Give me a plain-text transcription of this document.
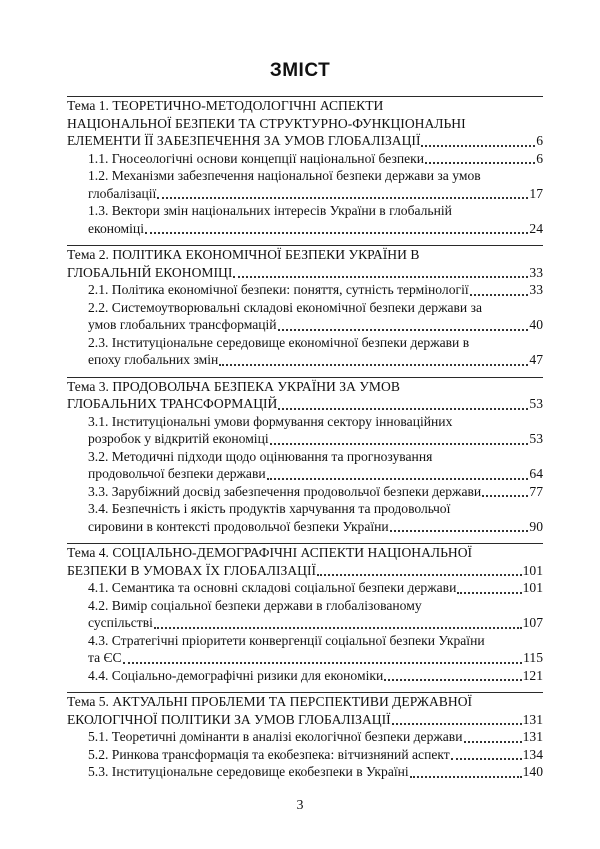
ЗМІСТ
Тема 1. ТЕОРЕТИЧНО-МЕТОДОЛОГІЧНІ АСПЕКТИ
НАЦІОНАЛЬНОЇ БЕЗПЕКИ ТА СТРУКТУРНО-ФУНКЦІОНАЛЬНІ
ЕЛЕМЕНТИ ЇЇ ЗАБЕЗПЕЧЕННЯ ЗА УМОВ ГЛОБАЛІЗАЦІЇ	6
1.1. Гносеологічні основи концепції національної безпеки	6
1.2. Механізми забезпечення національної безпеки держави за умов
глобалізації	17
1.3. Вектори змін національних інтересів України в глобальній
економіці	24
Тема 2. ПОЛІТИКА ЕКОНОМІЧНОЇ БЕЗПЕКИ УКРАЇНИ В
ГЛОБАЛЬНІЙ ЕКОНОМІЦІ	33
2.1. Політика економічної безпеки: поняття, сутність термінології	33
2.2. Системоутворювальні складові економічної безпеки держави за
умов глобальних трансформацій	40
2.3. Інституціональне середовище економічної безпеки держави в
епоху глобальних змін	47
Тема 3. ПРОДОВОЛЬЧА БЕЗПЕКА УКРАЇНИ ЗА УМОВ
ГЛОБАЛЬНИХ ТРАНСФОРМАЦІЙ	53
3.1. Інституціональні умови формування сектору інноваційних
розробок у відкритій економіці	53
3.2. Методичні підходи щодо оцінювання та прогнозування
продовольчої безпеки держави	64
3.3. Зарубіжний досвід забезпечення продовольчої безпеки держави	77
3.4. Безпечність і якість продуктів харчування та продовольчої
сировини в контексті продовольчої безпеки України	90
Тема 4. СОЦІАЛЬНО-ДЕМОГРАФІЧНІ АСПЕКТИ НАЦІОНАЛЬНОЇ
БЕЗПЕКИ В УМОВАХ ЇХ ГЛОБАЛІЗАЦІЇ	101
4.1. Семантика та основні складові соціальної безпеки держави	101
4.2. Вимір соціальної безпеки держави в глобалізованому
суспільстві	107
4.3. Стратегічні пріоритети конвергенції соціальної безпеки України
та ЄС	115
4.4. Соціально-демографічні ризики для економіки	121
Тема 5. АКТУАЛЬНІ ПРОБЛЕМИ ТА ПЕРСПЕКТИВИ ДЕРЖАВНОЇ
ЕКОЛОГІЧНОЇ ПОЛІТИКИ ЗА УМОВ ГЛОБАЛІЗАЦІЇ	131
5.1. Теоретичні домінанти в аналізі екологічної безпеки держави	131
5.2. Ринкова трансформація та екобезпека: вітчизняний аспект	134
5.3. Інституціональне середовище екобезпеки в Україні	140
3
